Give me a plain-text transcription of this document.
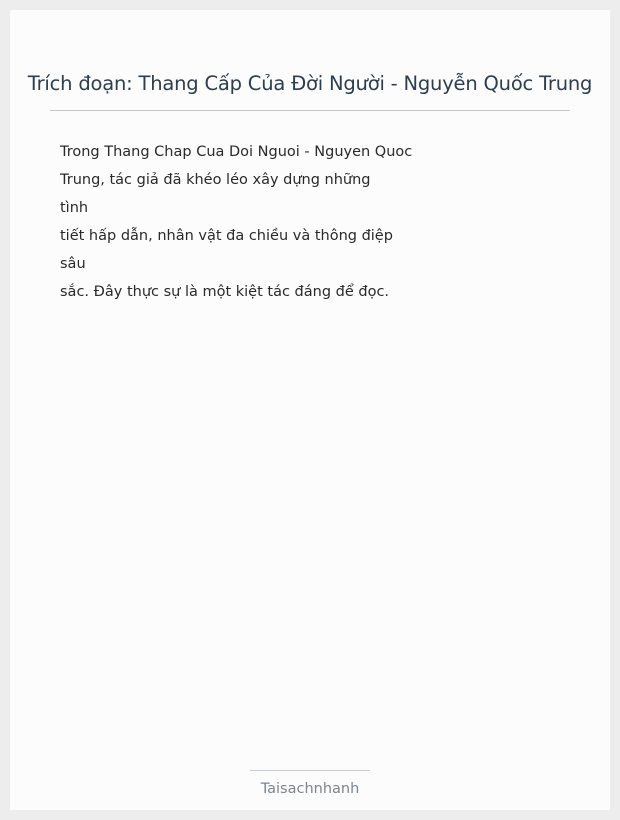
Trích đoạn: Thang Cấp Của Đời Người - Nguyễn Quốc Trung

Trong Thang Chap Cua Doi Nguoi - Nguyen Quoc
Trung, tác giả đã khéo léo xây dựng những
tình
tiết hấp dẫn, nhân vật đa chiều và thông điệp
sâu
sắc. Đây thực sự là một kiệt tác đáng để đọc.

Taisachnhanh
